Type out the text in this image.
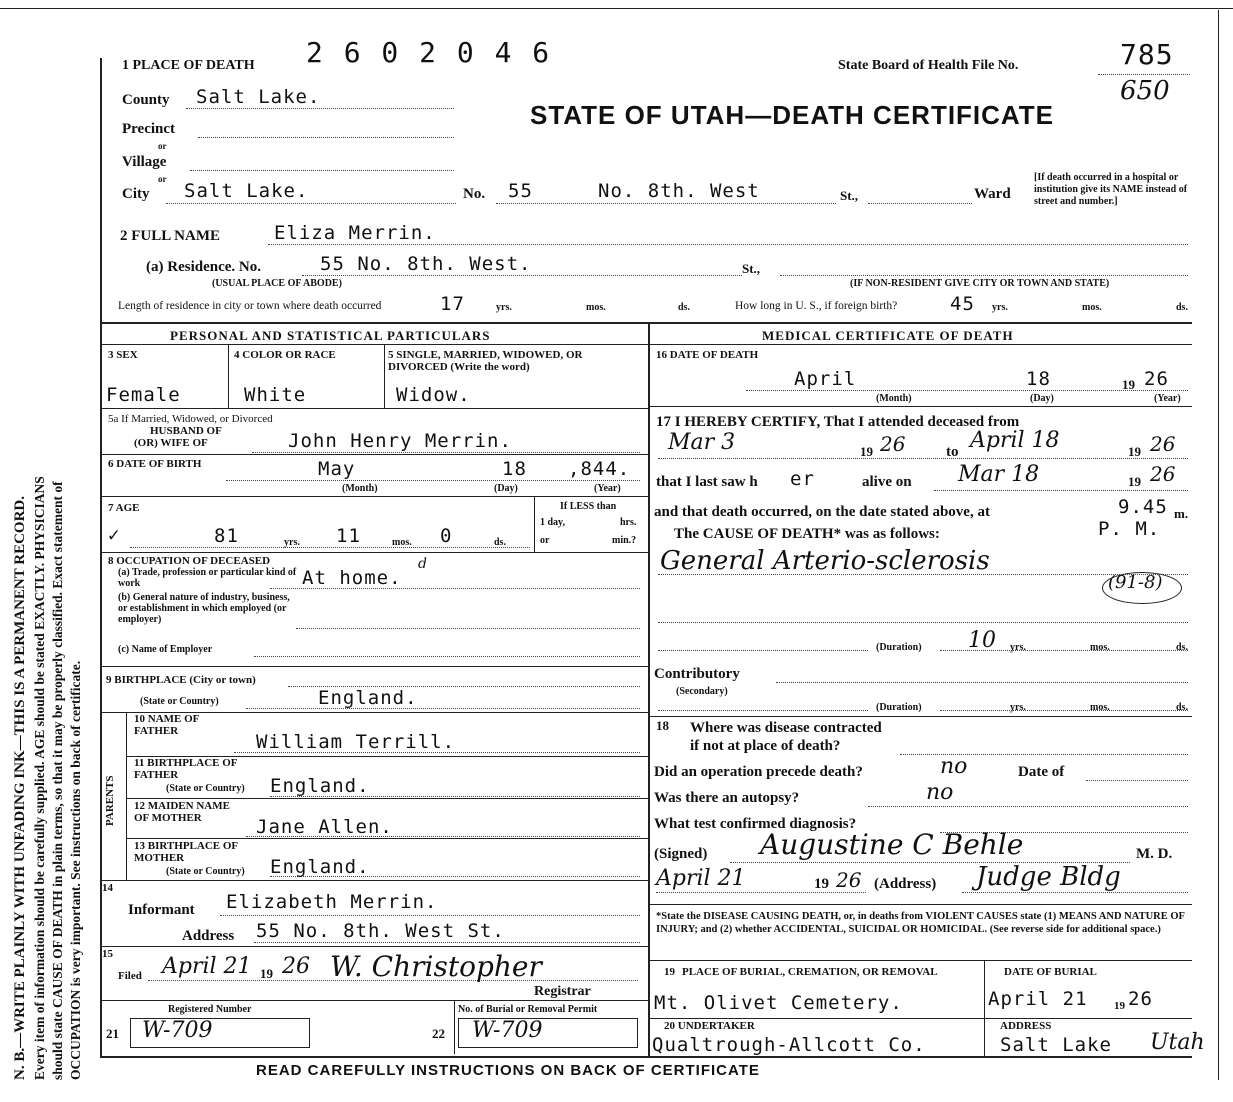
N. B.—WRITE PLAINLY WITH UNFADING INK—THIS IS A PERMANENT RECORD. Every item of information should be carefully supplied. AGE should be stated EXACTLY. PHYSICIANS should state CAUSE OF DEATH in plain terms, so that it may be properly classified. Exact statement of OCCUPATION is very important. See instructions on back of certificate.
1 PLACE OF DEATH 2 6 0 2 0 4 6	State Board of Health File No.	785
650
STATE OF UTAH—DEATH CERTIFICATE
County Salt Lake.
Precinct
or
Village
or
City Salt Lake.	No. 55	No. 8th. West	St.,	Ward
[If death occurred in a hospital or institution give its NAME instead of street and number.]
2 FULL NAME	Eliza Merrin.
(a) Residence. No.	55 No. 8th. West.	St.,
(USUAL PLACE OF ABODE)	(IF NON-RESIDENT GIVE CITY OR TOWN AND STATE)
Length of residence in city or town where death occurred	17	yrs.	mos.	ds.	How long in U. S., if foreign birth?	45 yrs.	mos.	ds.
PERSONAL AND STATISTICAL PARTICULARS	MEDICAL CERTIFICATE OF DEATH
3 SEX
Female
4 COLOR OR RACE
White
5 SINGLE, MARRIED, WIDOWED, OR DIVORCED (Write the word)
Widow.
5a If Married, Widowed, or Divorced
HUSBAND OF
(OR) WIFE OF	John Henry Merrin.
6 DATE OF BIRTH	May	18 ,844.
(Month)	(Day)	(Year)
7 AGE
✓	81	yrs. 11	mos. 0	ds.
If LESS than
1 day,	hrs.
or	min.?
8 OCCUPATION OF DECEASED
(a) Trade, profession or particular kind of work	At home.
d
(b) General nature of industry, business, or establishment in which employed (or employer)
(c) Name of Employer
9 BIRTHPLACE (City or town)
(State or Country)	England.
PARENTS
10 NAME OF FATHER	William Terrill.
11 BIRTHPLACE OF FATHER
(State or Country) England.
12 MAIDEN NAME OF MOTHER	Jane Allen.
13 BIRTHPLACE OF MOTHER
(State or Country) England.
14
Informant Elizabeth Merrin.
Address 55 No. 8th. West St.
15
Filed April 21 19 26 W. Christopher
Registrar
Registered Number
21 W-709
No. of Burial or Removal Permit
22 W-709
16 DATE OF DEATH
April	18	19 26
(Month)	(Day)	(Year)
17 I HEREBY CERTIFY, That I attended deceased from
Mar 3	19 26	to April 18	19 26
that I last saw h er	alive on Mar 18	19 26
and that death occurred, on the date stated above, at	9.45 m.
The CAUSE OF DEATH* was as follows:	P. M.
General Arterio-sclerosis
(91-8)
(Duration) 10 yrs.	mos.	ds.
Contributory
(Secondary)
(Duration)	yrs.	mos.	ds.
18 Where was disease contracted
if not at place of death?
Did an operation precede death?	no	Date of
Was there an autopsy?	no
What test confirmed diagnosis?
(Signed) Augustine C Behle	M. D.
April 21	19 26 (Address) Judge Bldg
*State the DISEASE CAUSING DEATH, or, in deaths from VIOLENT CAUSES state (1) MEANS AND NATURE OF INJURY; and (2) whether ACCIDENTAL, SUICIDAL OR HOMICIDAL. (See reverse side for additional space.)
19 PLACE OF BURIAL, CREMATION, OR REMOVAL
Mt. Olivet Cemetery.
DATE OF BURIAL
April 21 19 26
20 UNDERTAKER
Qualtrough-Allcott Co.
ADDRESS
Salt Lake Utah
READ CAREFULLY INSTRUCTIONS ON BACK OF CERTIFICATE
